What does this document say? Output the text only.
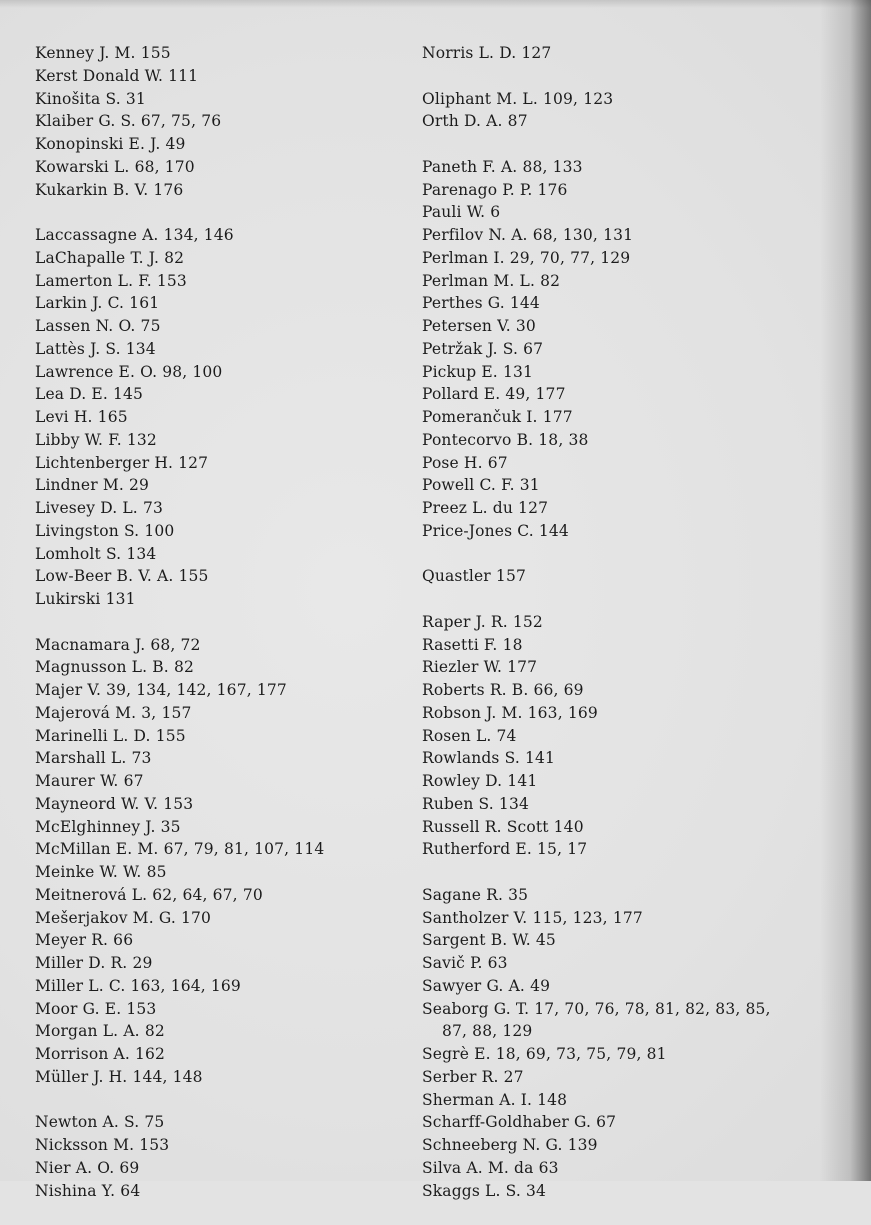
Kenney J. M. 155
Kerst Donald W. 111
Kinošita S. 31
Klaiber G. S. 67, 75, 76
Konopinski E. J. 49
Kowarski L. 68, 170
Kukarkin B. V. 176
Laccassagne A. 134, 146
LaChapalle T. J. 82
Lamerton L. F. 153
Larkin J. C. 161
Lassen N. O. 75
Lattès J. S. 134
Lawrence E. O. 98, 100
Lea D. E. 145
Levi H. 165
Libby W. F. 132
Lichtenberger H. 127
Lindner M. 29
Livesey D. L. 73
Livingston S. 100
Lomholt S. 134
Low-Beer B. V. A. 155
Lukirski 131
Macnamara J. 68, 72
Magnusson L. B. 82
Majer V. 39, 134, 142, 167, 177
Majerová M. 3, 157
Marinelli L. D. 155
Marshall L. 73
Maurer W. 67
Mayneord W. V. 153
McElghinney J. 35
McMillan E. M. 67, 79, 81, 107, 114
Meinke W. W. 85
Meitnerová L. 62, 64, 67, 70
Mešerjakov M. G. 170
Meyer R. 66
Miller D. R. 29
Miller L. C. 163, 164, 169
Moor G. E. 153
Morgan L. A. 82
Morrison A. 162
Müller J. H. 144, 148
Newton A. S. 75
Nicksson M. 153
Nier A. O. 69
Nishina Y. 64
Norris L. D. 127
Oliphant M. L. 109, 123
Orth D. A. 87
Paneth F. A. 88, 133
Parenago P. P. 176
Pauli W. 6
Perfilov N. A. 68, 130, 131
Perlman I. 29, 70, 77, 129
Perlman M. L. 82
Perthes G. 144
Petersen V. 30
Petržak J. S. 67
Pickup E. 131
Pollard E. 49, 177
Pomerančuk I. 177
Pontecorvo B. 18, 38
Pose H. 67
Powell C. F. 31
Preez L. du 127
Price-Jones C. 144
Quastler 157
Raper J. R. 152
Rasetti F. 18
Riezler W. 177
Roberts R. B. 66, 69
Robson J. M. 163, 169
Rosen L. 74
Rowlands S. 141
Rowley D. 141
Ruben S. 134
Russell R. Scott 140
Rutherford E. 15, 17
Sagane R. 35
Santholzer V. 115, 123, 177
Sargent B. W. 45
Savič P. 63
Sawyer G. A. 49
Seaborg G. T. 17, 70, 76, 78, 81, 82, 83, 85,
87, 88, 129
Segrè E. 18, 69, 73, 75, 79, 81
Serber R. 27
Sherman A. I. 148
Scharff-Goldhaber G. 67
Schneeberg N. G. 139
Silva A. M. da 63
Skaggs L. S. 34
